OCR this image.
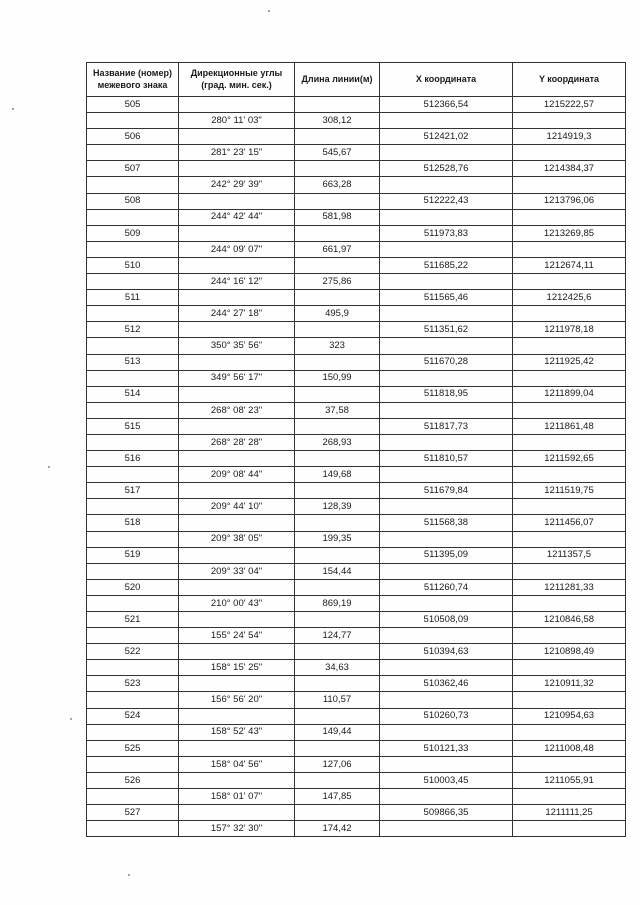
Название (номер) межевого знака	Дирекционные углы (град. мин. сек.)	Длина линии(м)	X координата	Y координата
505			512366,54	1215222,57
	280° 11' 03"	308,12		
506			512421,02	1214919,3
	281° 23' 15"	545,67		
507			512528,76	1214384,37
	242° 29' 39"	663,28		
508			512222,43	1213796,06
	244° 42' 44"	581,98		
509			511973,83	1213269,85
	244° 09' 07"	661,97		
510			511685,22	1212674,11
	244° 16' 12"	275,86		
511			511565,46	1212425,6
	244° 27' 18"	495,9		
512			511351,62	1211978,18
	350° 35' 56"	323		
513			511670,28	1211925,42
	349° 56' 17"	150,99		
514			511818,95	1211899,04
	268° 08' 23"	37,58		
515			511817,73	1211861,48
	268° 28' 28"	268,93		
516			511810,57	1211592,65
	209° 08' 44"	149,68		
517			511679,84	1211519,75
	209° 44' 10"	128,39		
518			511568,38	1211456,07
	209° 38' 05"	199,35		
519			511395,09	1211357,5
	209° 33' 04"	154,44		
520			511260,74	1211281,33
	210° 00' 43"	869,19		
521			510508,09	1210846,58
	155° 24' 54"	124,77		
522			510394,63	1210898,49
	158° 15' 25"	34,63		
523			510362,46	1210911,32
	156° 56' 20"	110,57		
524			510260,73	1210954,63
	158° 52' 43"	149,44		
525			510121,33	1211008,48
	158° 04' 56"	127,06		
526			510003,45	1211055,91
	158° 01' 07"	147,85		
527			509866,35	1211111,25
	157° 32' 30"	174,42		
